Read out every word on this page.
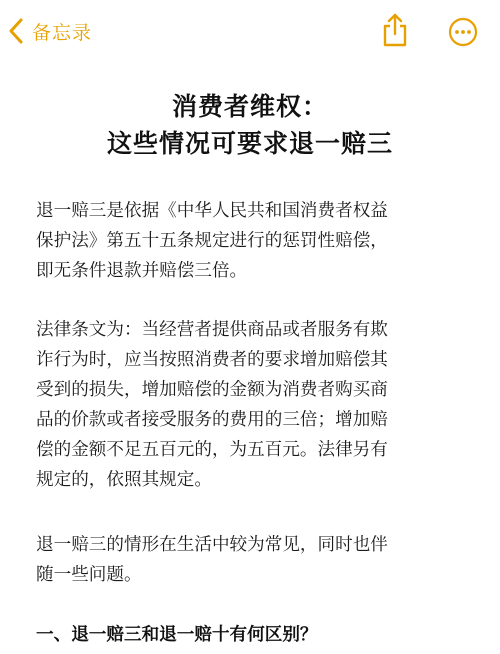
备忘录
消费者维权：
这些情况可要求退一赔三
退一赔三是依据《中华人民共和国消费者权益
保护法》第五十五条规定进行的惩罚性赔偿，
即无条件退款并赔偿三倍。
法律条文为：当经营者提供商品或者服务有欺
诈行为时，应当按照消费者的要求增加赔偿其
受到的损失，增加赔偿的金额为消费者购买商
品的价款或者接受服务的费用的三倍；增加赔
偿的金额不足五百元的，为五百元。法律另有
规定的，依照其规定。
退一赔三的情形在生活中较为常见，同时也伴
随一些问题。
一、退一赔三和退一赔十有何区别？
